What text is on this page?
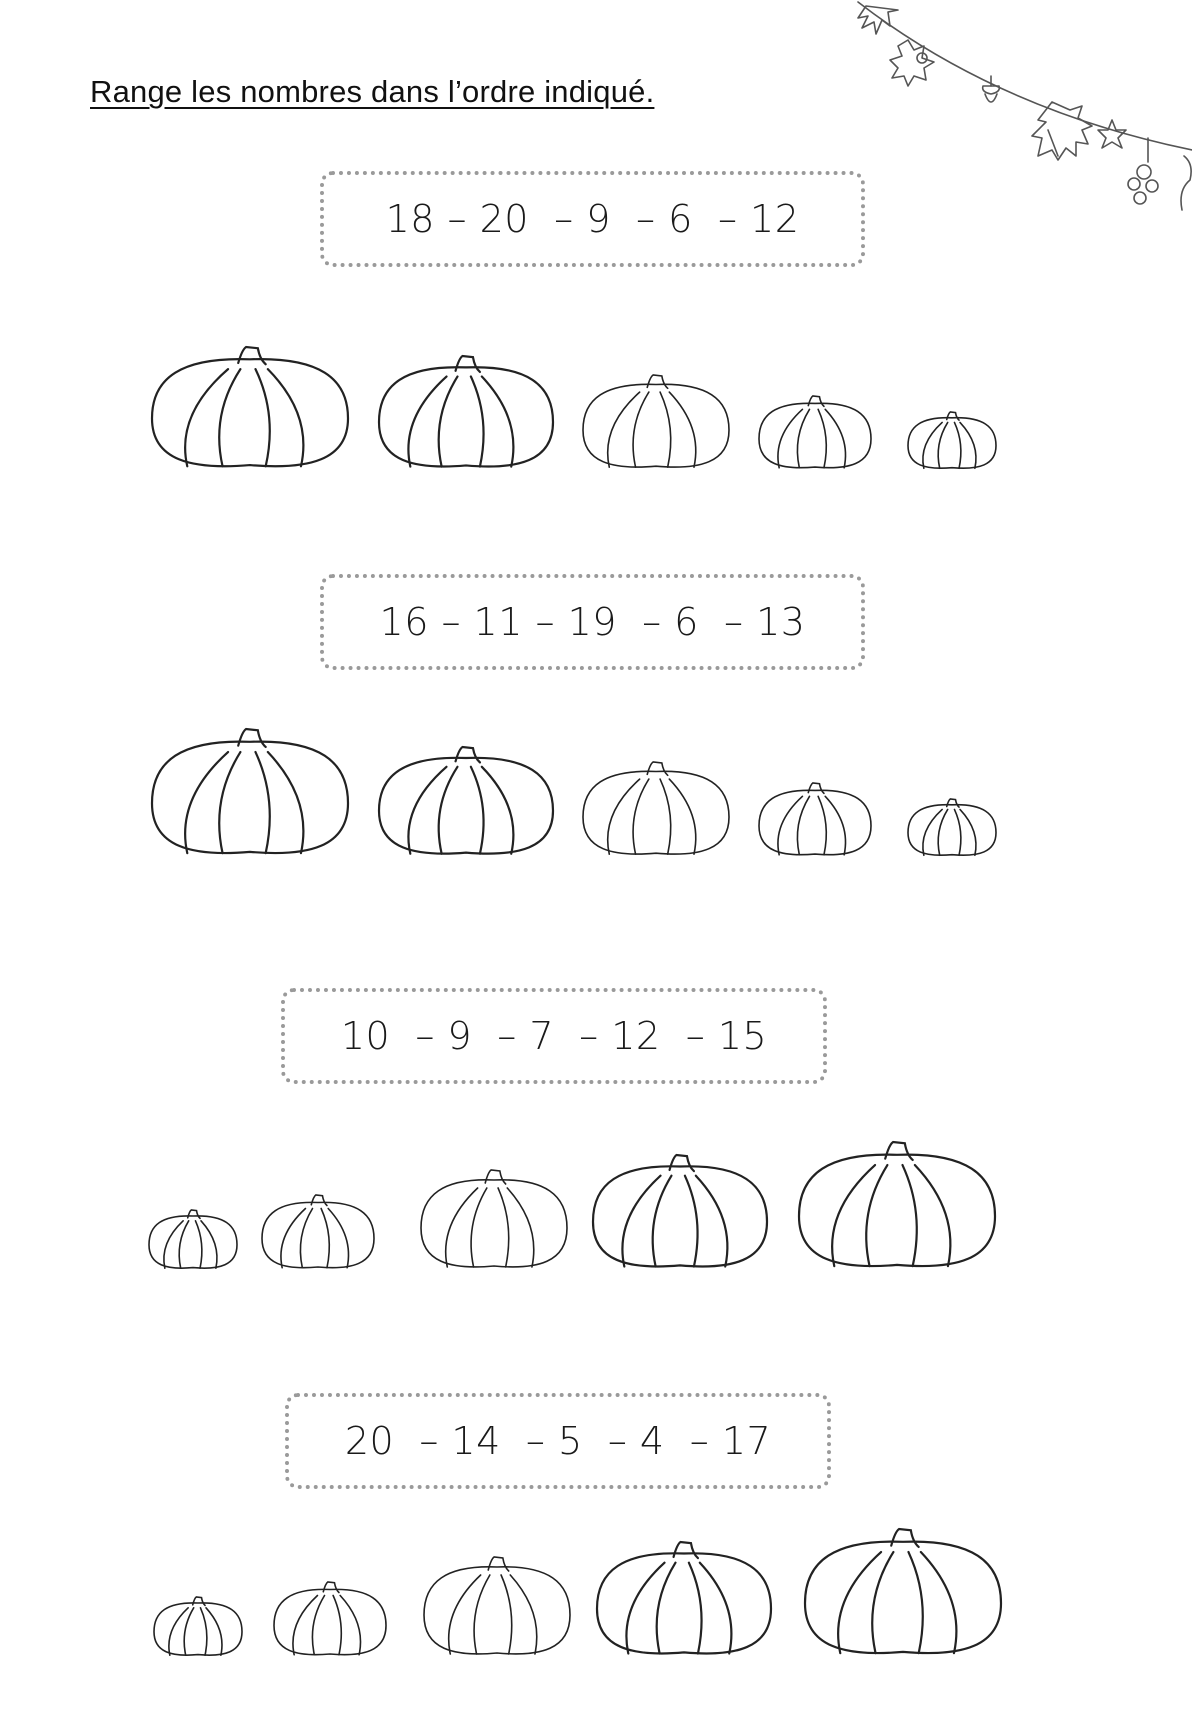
Range les nombres dans l’ordre indiqué.
18 – 20  – 9  – 6  – 12
16 – 11 – 19  – 6  – 13
10  – 9  – 7  – 12  – 15
20  – 14  – 5  – 4  – 17
